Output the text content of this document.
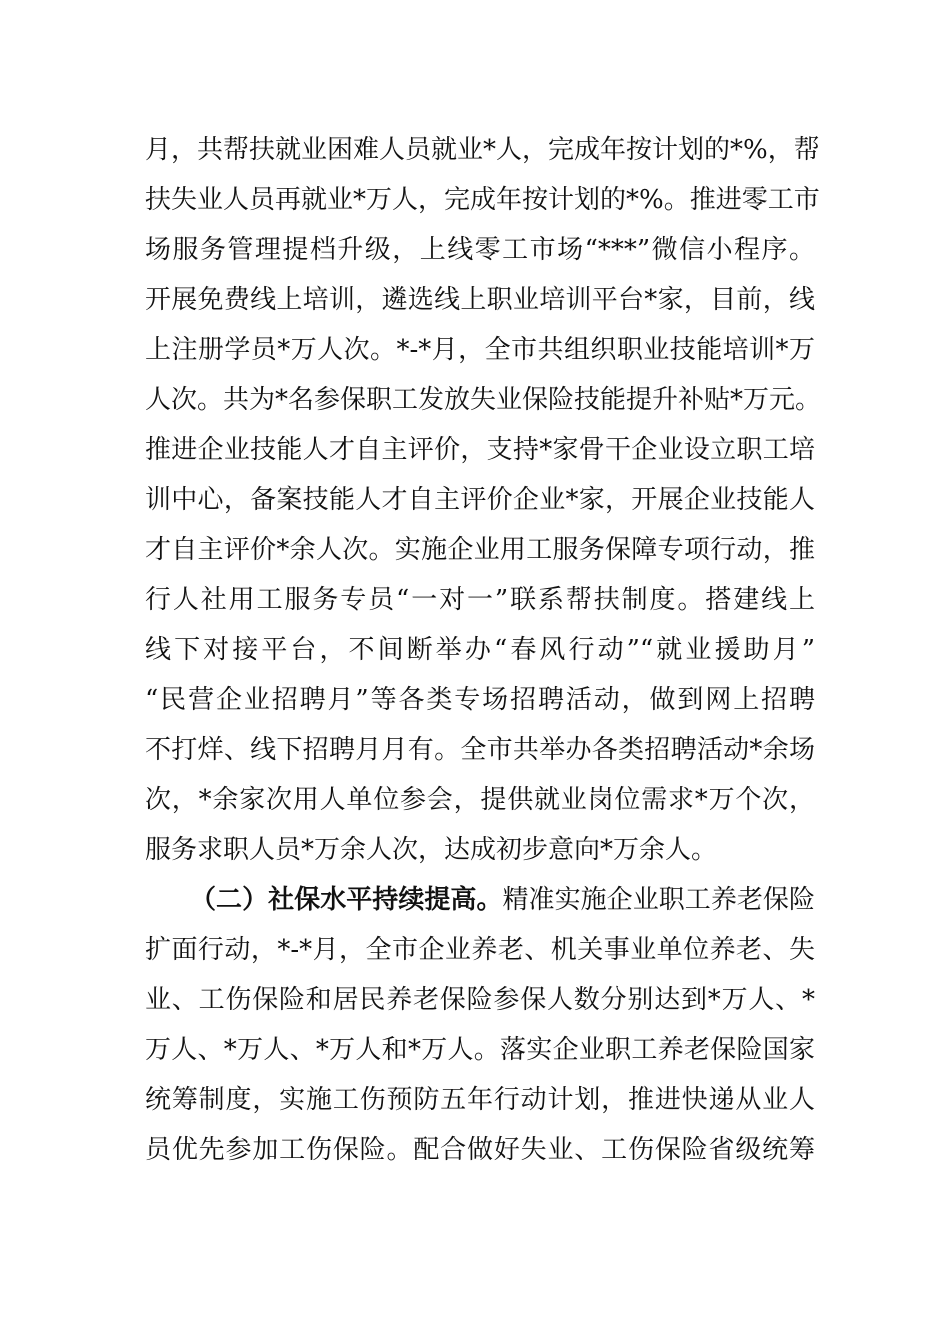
月，共帮扶就业困难人员就业*人，完成年按计划的*%，帮
扶失业人员再就业*万人，完成年按计划的*%。推进零工市
场服务管理提档升级，上线零工市场“***”微信小程序。
开展免费线上培训，遴选线上职业培训平台*家，目前，线
上注册学员*万人次。*-*月，全市共组织职业技能培训*万
人次。共为*名参保职工发放失业保险技能提升补贴*万元。
推进企业技能人才自主评价，支持*家骨干企业设立职工培
训中心，备案技能人才自主评价企业*家，开展企业技能人
才自主评价*余人次。实施企业用工服务保障专项行动，推
行人社用工服务专员“一对一”联系帮扶制度。搭建线上
线下对接平台，不间断举办“春风行动”“就业援助月”
“民营企业招聘月”等各类专场招聘活动，做到网上招聘
不打烊、线下招聘月月有。全市共举办各类招聘活动*余场
次，*余家次用人单位参会，提供就业岗位需求*万个次，
服务求职人员*万余人次，达成初步意向*万余人。
（二）社保水平持续提高。精准实施企业职工养老保险
扩面行动，*-*月，全市企业养老、机关事业单位养老、失
业、工伤保险和居民养老保险参保人数分别达到*万人、*
万人、*万人、*万人和*万人。落实企业职工养老保险国家
统筹制度，实施工伤预防五年行动计划，推进快递从业人
员优先参加工伤保险。配合做好失业、工伤保险省级统筹
